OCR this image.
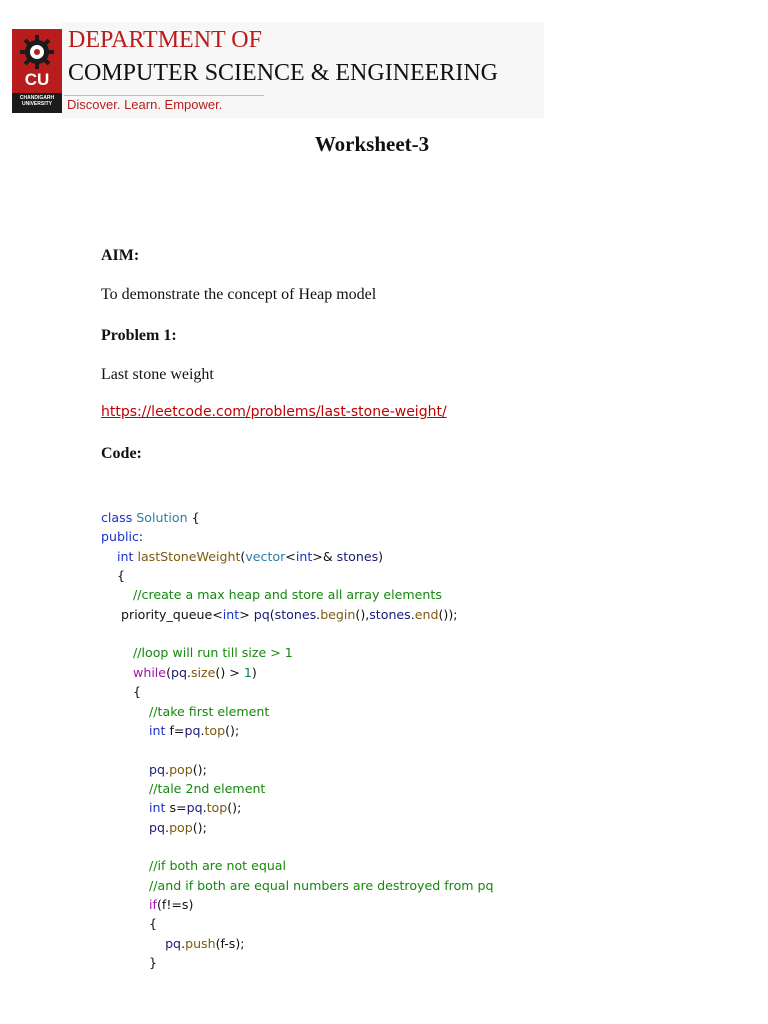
CU
CHANDIGARH UNIVERSITY
DEPARTMENT OF
COMPUTER SCIENCE & ENGINEERING
Discover. Learn. Empower.
Worksheet-3
AIM:
To demonstrate the concept of Heap model
Problem 1:
Last stone weight
https://leetcode.com/problems/last-stone-weight/
Code:
class Solution {
public:
int lastStoneWeight(vector<int>& stones)
{
//create a max heap and store all array elements
priority_queue<int> pq(stones.begin(),stones.end());
//loop will run till size > 1
while(pq.size() > 1)
{
//take first element
int f=pq.top();
pq.pop();
//tale 2nd element
int s=pq.top();
pq.pop();
//if both are not equal
//and if both are equal numbers are destroyed from pq
if(f!=s)
{
pq.push(f-s);
}
